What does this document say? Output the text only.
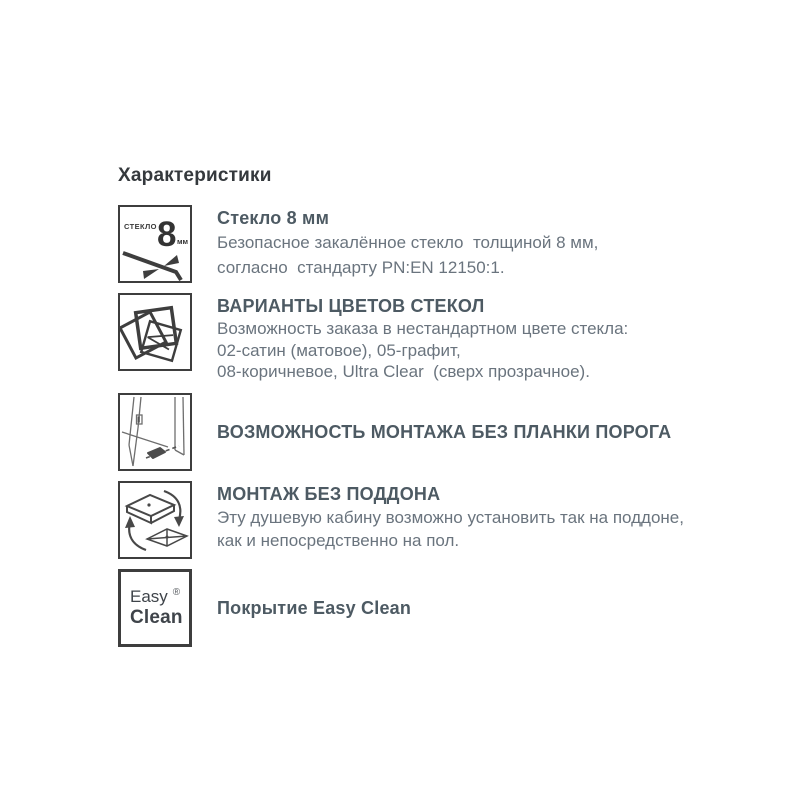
Характеристики
СТЕКЛО 8 мм
Стекло 8 мм
Безопасное закалённое стекло  толщиной 8 мм,
согласно  стандарту PN:EN 12150:1.
ВАРИАНТЫ ЦВЕТОВ СТЕКОЛ
Возможность заказа в нестандартном цвете стекла:
02-сатин (матовое), 05-графит,
08-коричневое, Ultra Clear  (сверх прозрачное).
ВОЗМОЖНОСТЬ МОНТАЖА БЕЗ ПЛАНКИ ПОРОГА
МОНТАЖ БЕЗ ПОДДОНА
Эту душевую кабину возможно установить так на поддоне,
как и непосредственно на пол.
Easy ®
Clean	Покрытие Easy Clean
